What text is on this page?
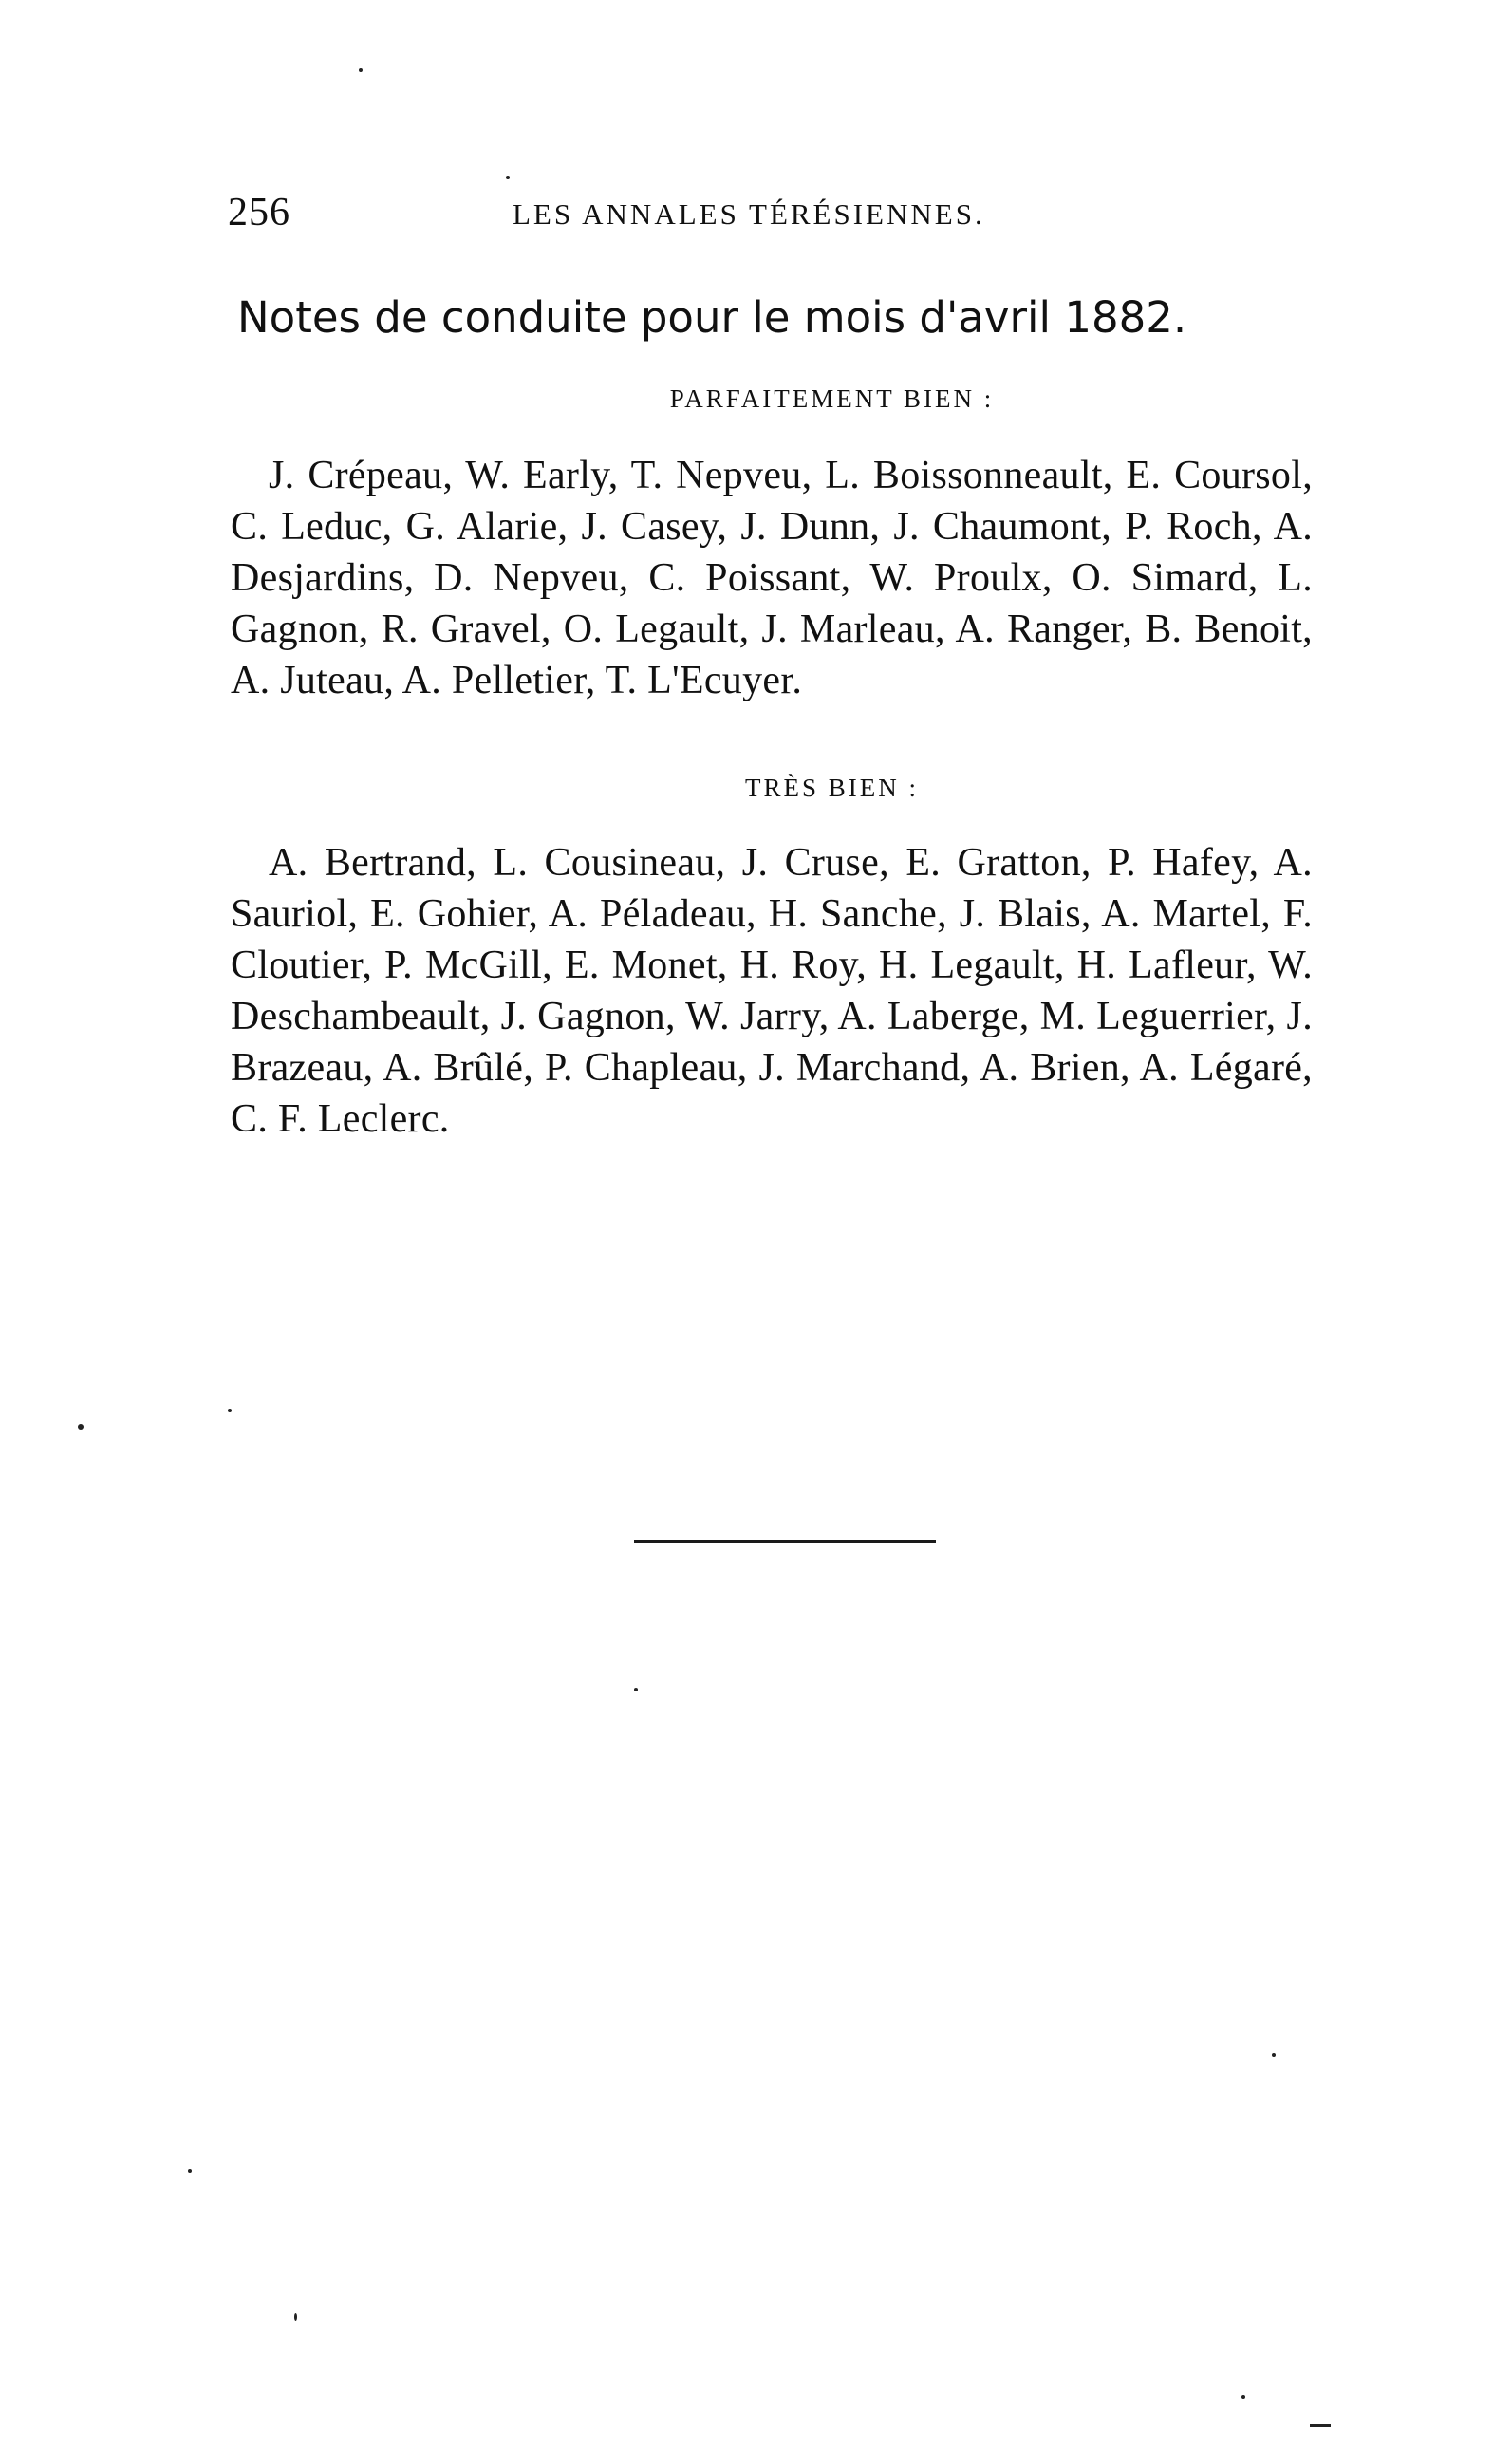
256	LES ANNALES TÉRÉSIENNES.
Notes de conduite pour le mois d'avril 1882.
PARFAITEMENT BIEN :
J. Crépeau, W. Early, T. Nepveu, L. Boissonneault, E. Coursol, C. Leduc, G. Alarie, J. Casey, J. Dunn, J. Chaumont, P. Roch, A. Desjardins, D. Nepveu, C. Poissant, W. Proulx, O. Simard, L. Gagnon, R. Gravel, O. Legault, J. Marleau, A. Ranger, B. Benoit, A. Juteau, A. Pelletier, T. L'Ecuyer.
TRÈS BIEN :
A. Bertrand, L. Cousineau, J. Cruse, E. Gratton, P. Hafey, A. Sauriol, E. Gohier, A. Péladeau, H. Sanche, J. Blais, A. Martel, F. Cloutier, P. McGill, E. Monet, H. Roy, H. Legault, H. Lafleur, W. Deschambeault, J. Gagnon, W. Jarry, A. Laberge, M. Leguerrier, J. Brazeau, A. Brûlé, P. Chapleau, J. Marchand, A. Brien, A. Légaré, C. F. Leclerc.
